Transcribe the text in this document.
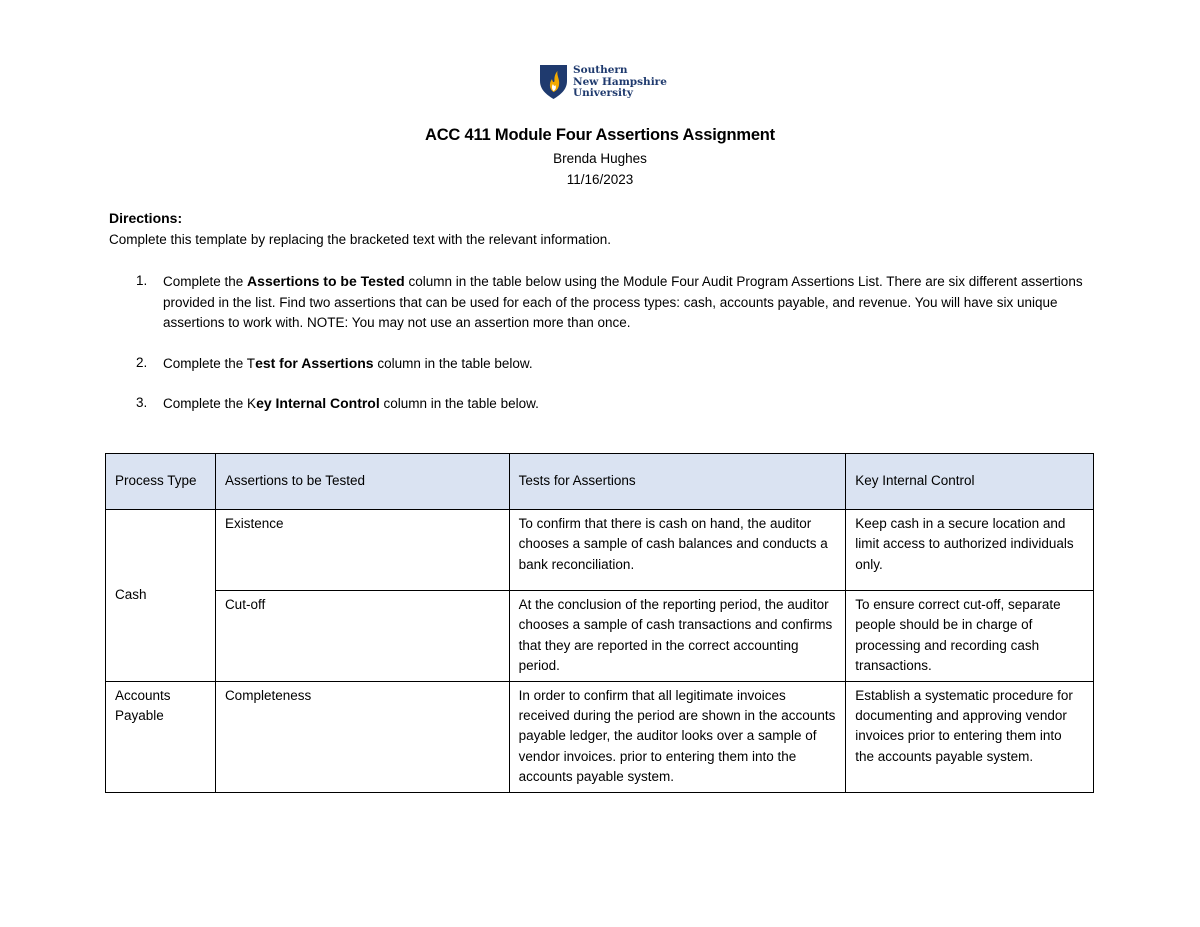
Southern
New Hampshire
University
ACC 411 Module Four Assertions Assignment
Brenda Hughes
11/16/2023
Directions:
Complete this template by replacing the bracketed text with the relevant information.
1. Complete the Assertions to be Tested column in the table below using the Module Four Audit Program Assertions List. There are six different assertions provided in the list. Find two assertions that can be used for each of the process types: cash, accounts payable, and revenue. You will have six unique assertions to work with. NOTE: You may not use an assertion more than once.
2. Complete the Test for Assertions column in the table below.
3. Complete the Key Internal Control column in the table below.
Process Type	Assertions to be Tested	Tests for Assertions	Key Internal Control
Cash	Existence	To confirm that there is cash on hand, the auditor chooses a sample of cash balances and conducts a bank reconciliation.	Keep cash in a secure location and limit access to authorized individuals only.
	Cut-off	At the conclusion of the reporting period, the auditor chooses a sample of cash transactions and confirms that they are reported in the correct accounting period.	To ensure correct cut-off, separate people should be in charge of processing and recording cash transactions.
Accounts Payable	Completeness	In order to confirm that all legitimate invoices received during the period are shown in the accounts payable ledger, the auditor looks over a sample of vendor invoices. prior to entering them into the accounts payable system.	Establish a systematic procedure for documenting and approving vendor invoices prior to entering them into the accounts payable system.
